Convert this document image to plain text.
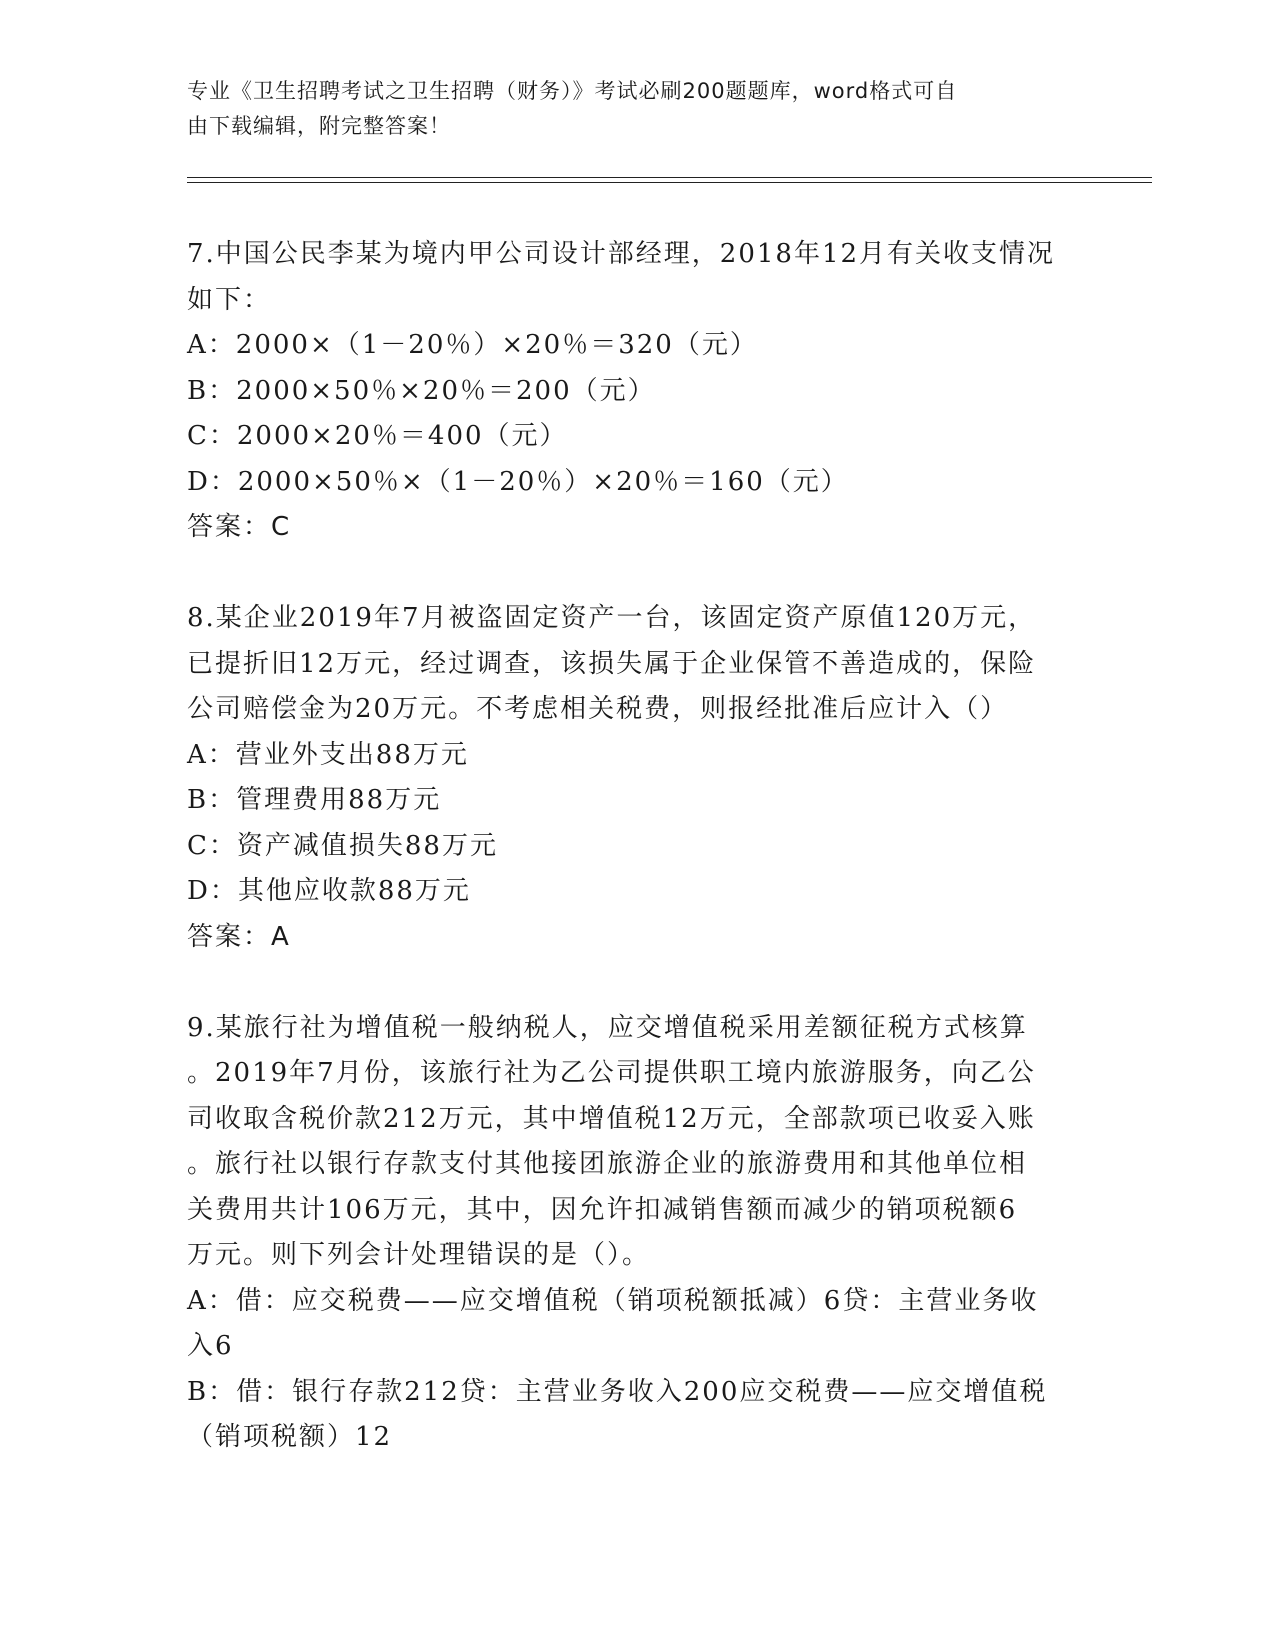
专业《卫生招聘考试之卫生招聘（财务）》考试必刷200题题库，word格式可自
由下载编辑，附完整答案！
7.中国公民李某为境内甲公司设计部经理，2018年12月有关收支情况
如下：
A：2000×（1－20％）×20％＝320（元）
B：2000×50％×20％＝200（元）
C：2000×20％＝400（元）
D：2000×50％×（1－20％）×20％＝160（元）
答案：C
8.某企业2019年7月被盗固定资产一台，该固定资产原值120万元，
已提折旧12万元，经过调查，该损失属于企业保管不善造成的，保险
公司赔偿金为20万元。不考虑相关税费，则报经批准后应计入（）
A：营业外支出88万元
B：管理费用88万元
C：资产减值损失88万元
D：其他应收款88万元
答案：A
9.某旅行社为增值税一般纳税人，应交增值税采用差额征税方式核算
。2019年7月份，该旅行社为乙公司提供职工境内旅游服务，向乙公
司收取含税价款212万元，其中增值税12万元，全部款项已收妥入账
。旅行社以银行存款支付其他接团旅游企业的旅游费用和其他单位相
关费用共计106万元，其中，因允许扣减销售额而减少的销项税额6
万元。则下列会计处理错误的是（）。
A：借：应交税费——应交增值税（销项税额抵减）6贷：主营业务收
入6
B：借：银行存款212贷：主营业务收入200应交税费——应交增值税
（销项税额）12
